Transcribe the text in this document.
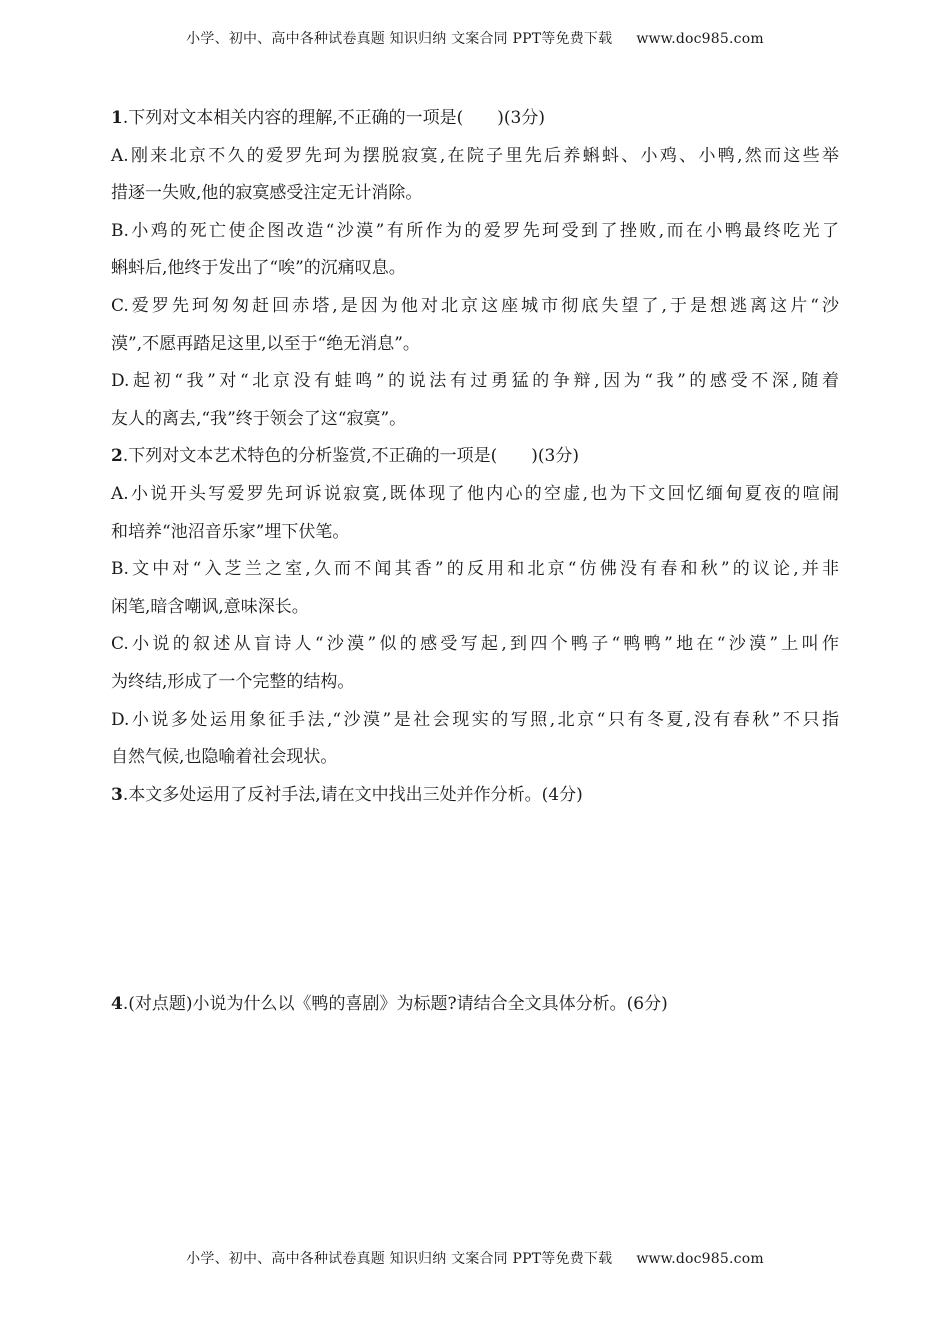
小学、初中、高中各种试卷真题 知识归纳 文案合同 PPT等免费下载 www.doc985.com
1.下列对文本相关内容的理解,不正确的一项是(　　)(3分)
A.刚来北京不久的爱罗先珂为摆脱寂寞,在院子里先后养蝌蚪、小鸡、小鸭,然而这些举
措逐一失败,他的寂寞感受注定无计消除。
B.小鸡的死亡使企图改造“沙漠”有所作为的爱罗先珂受到了挫败,而在小鸭最终吃光了
蝌蚪后,他终于发出了“唉”的沉痛叹息。
C.爱罗先珂匆匆赶回赤塔,是因为他对北京这座城市彻底失望了,于是想逃离这片“沙
漠”,不愿再踏足这里,以至于“绝无消息”。
D.起初“我”对“北京没有蛙鸣”的说法有过勇猛的争辩,因为“我”的感受不深,随着
友人的离去,“我”终于领会了这“寂寞”。
2.下列对文本艺术特色的分析鉴赏,不正确的一项是(　　)(3分)
A.小说开头写爱罗先珂诉说寂寞,既体现了他内心的空虚,也为下文回忆缅甸夏夜的喧闹
和培养“池沼音乐家”埋下伏笔。
B.文中对“入芝兰之室,久而不闻其香”的反用和北京“仿佛没有春和秋”的议论,并非
闲笔,暗含嘲讽,意味深长。
C.小说的叙述从盲诗人“沙漠”似的感受写起,到四个鸭子“鸭鸭”地在“沙漠”上叫作
为终结,形成了一个完整的结构。
D.小说多处运用象征手法,“沙漠”是社会现实的写照,北京“只有冬夏,没有春秋”不只指
自然气候,也隐喻着社会现状。
3.本文多处运用了反衬手法,请在文中找出三处并作分析。(4分)
4.(对点题)小说为什么以《鸭的喜剧》为标题?请结合全文具体分析。(6分)
小学、初中、高中各种试卷真题 知识归纳 文案合同 PPT等免费下载 www.doc985.com
